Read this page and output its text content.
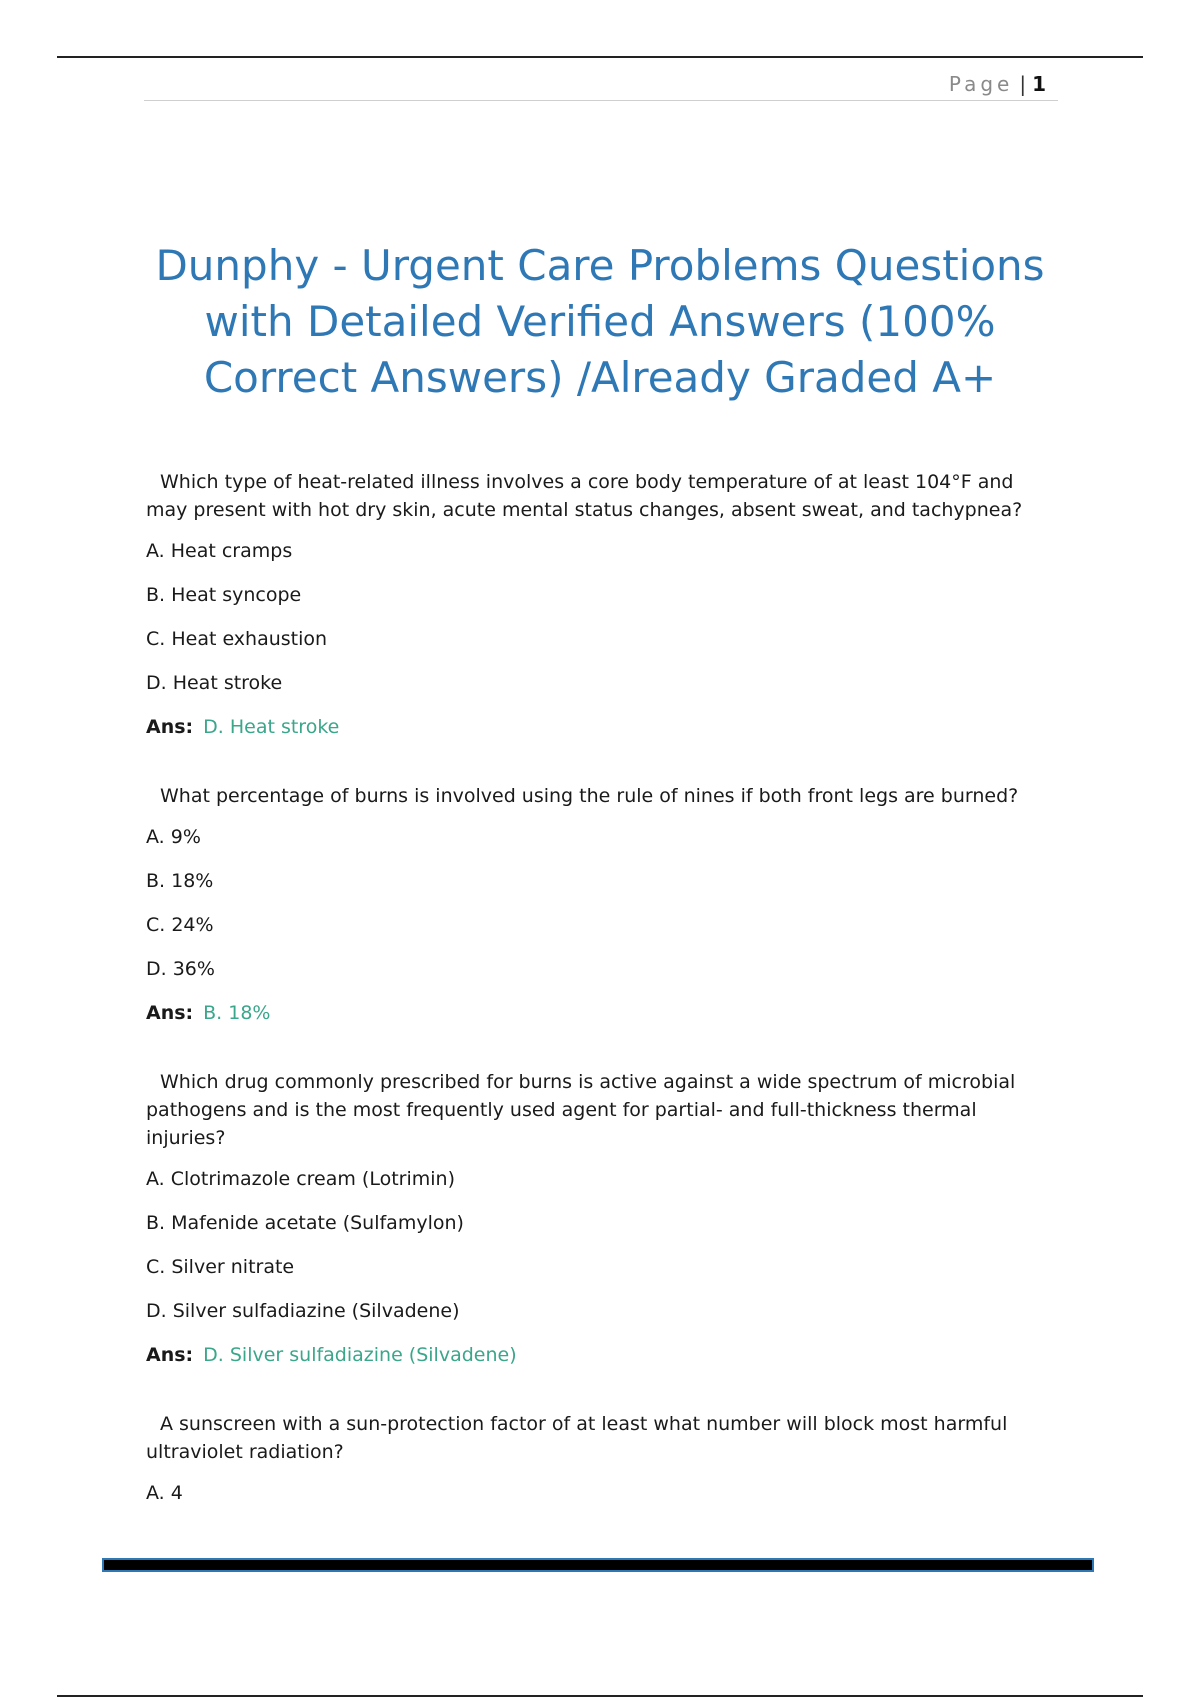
Page | 1
Dunphy - Urgent Care Problems Questions
with Detailed Verified Answers (100%
Correct Answers) /Already Graded A+

Which type of heat-related illness involves a core body temperature of at least 104°F and may present with hot dry skin, acute mental status changes, absent sweat, and tachypnea?

A. Heat cramps

B. Heat syncope

C. Heat exhaustion

D. Heat stroke

Ans: D. Heat stroke

What percentage of burns is involved using the rule of nines if both front legs are burned?

A. 9%

B. 18%

C. 24%

D. 36%

Ans: B. 18%

Which drug commonly prescribed for burns is active against a wide spectrum of microbial pathogens and is the most frequently used agent for partial- and full-thickness thermal injuries?

A. Clotrimazole cream (Lotrimin)

B. Mafenide acetate (Sulfamylon)

C. Silver nitrate

D. Silver sulfadiazine (Silvadene)

Ans: D. Silver sulfadiazine (Silvadene)

A sunscreen with a sun-protection factor of at least what number will block most harmful ultraviolet radiation?

A. 4
